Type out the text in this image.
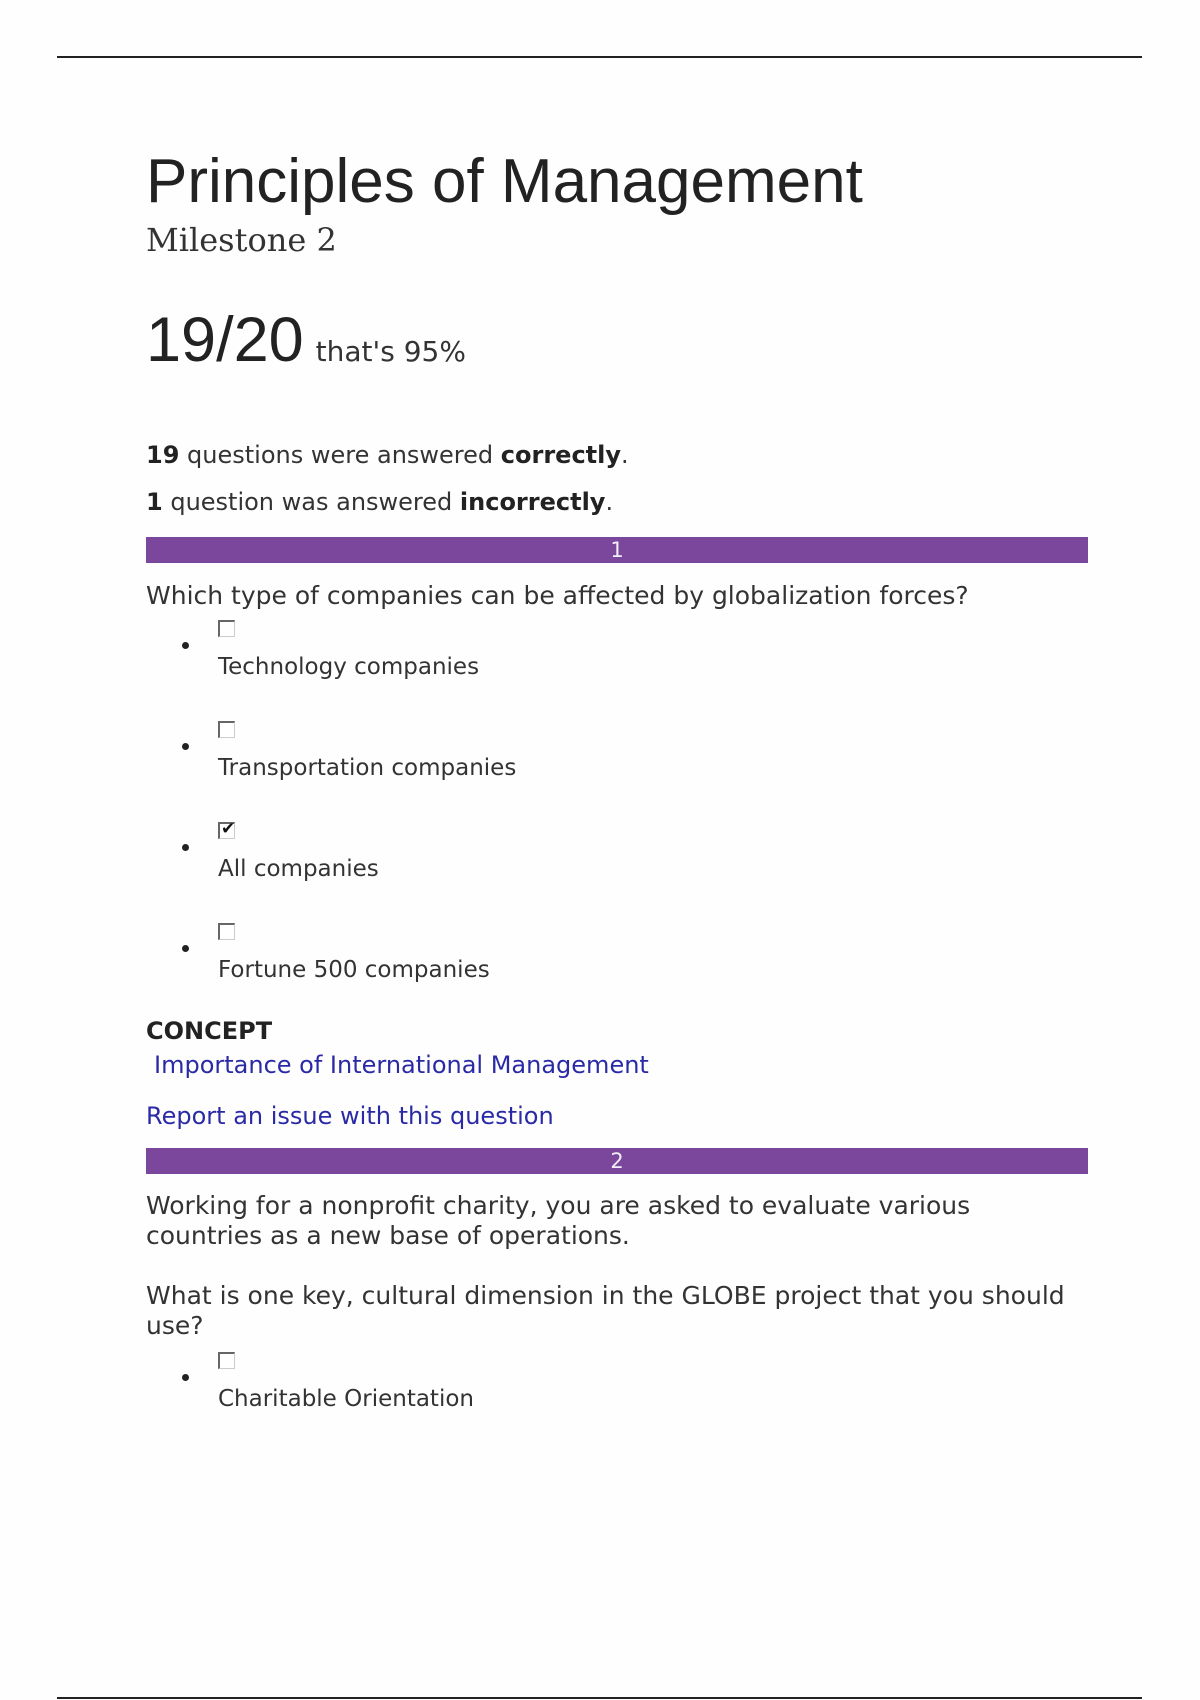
Principles of Management
Milestone 2
19/20 that's 95%
19 questions were answered correctly.
1 question was answered incorrectly.
1
Which type of companies can be affected by globalization forces?
Technology companies
Transportation companies
✔
All companies
Fortune 500 companies
CONCEPT
Importance of International Management
Report an issue with this question
2
Working for a nonprofit charity, you are asked to evaluate various countries as a new base of operations.
What is one key, cultural dimension in the GLOBE project that you should use?
Charitable Orientation
